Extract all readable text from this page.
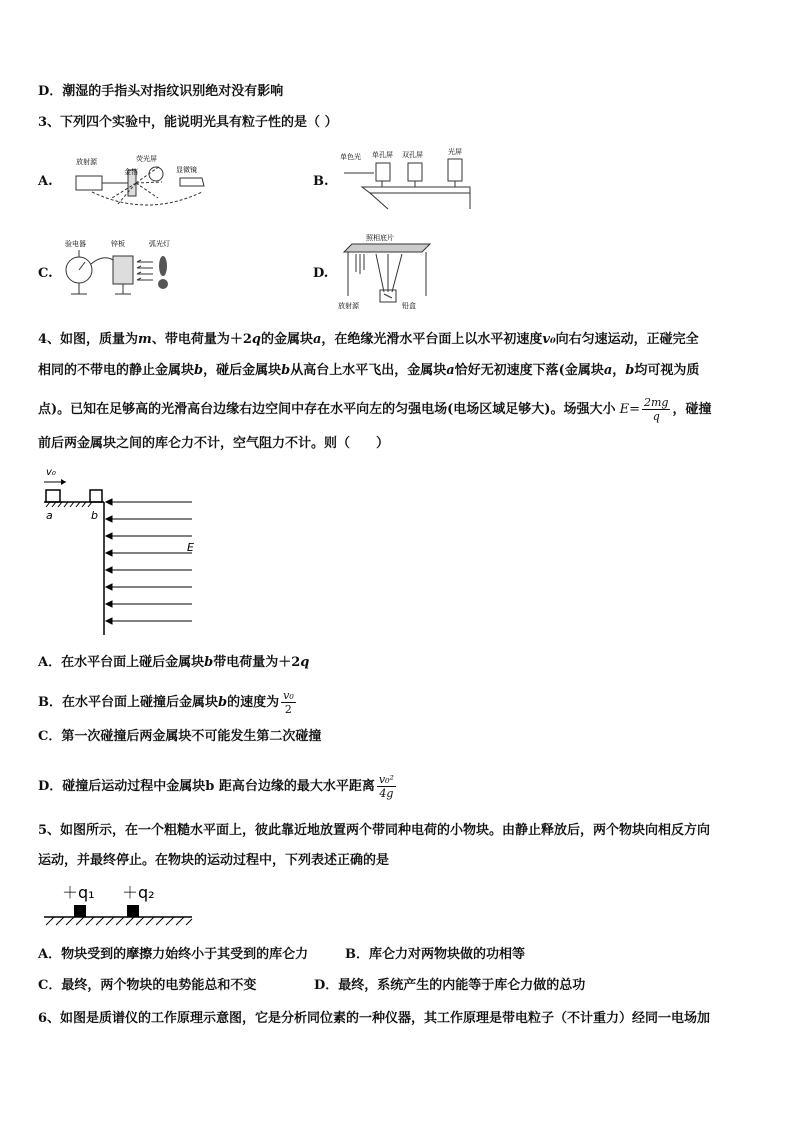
D．潮湿的手指头对指纹识别绝对没有影响
3、下列四个实验中，能说明光具有粒子性的是（ ）
A.
放射源	荧光屏
金箔	显微镜
B.
单色光 单孔屏 双孔屏	光屏
C.
验电器	锌板	弧光灯
D.
照相底片
放射源	铅盒
4、如图，质量为m、带电荷量为＋2q的金属块a，在绝缘光滑水平台面上以水平初速度v₀向右匀速运动，正碰完全
相同的不带电的静止金属块b，碰后金属块b从高台上水平飞出，金属块a恰好无初速度下落(金属块a，b均可视为质
点)。已知在足够高的光滑高台边缘右边空间中存在水平向左的匀强电场(电场区域足够大)。场强大小 $E= \frac{2mg}{q}$ ，碰撞
前后两金属块之间的库仑力不计，空气阻力不计。则（　　）
v₀
a	b
E
A．在水平台面上碰后金属块b带电荷量为＋2q
B．在水平台面上碰撞后金属块b的速度为 $\frac{\text{v₀}}{2}$
C．第一次碰撞后两金属块不可能发生第二次碰撞
D．碰撞后运动过程中金属块b 距高台边缘的最大水平距离 $\frac{\text{v₀²}}{4g}$
5、如图所示，在一个粗糙水平面上，彼此靠近地放置两个带同种电荷的小物块。由静止释放后，两个物块向相反方向
运动，并最终停止。在物块的运动过程中，下列表述正确的是
＋q₁ ＋q₂
A．物块受到的摩擦力始终小于其受到的库仑力	B．库仑力对两物块做的功相等
C．最终，两个物块的电势能总和不变	D．最终，系统产生的内能等于库仑力做的总功
6、如图是质谱仪的工作原理示意图，它是分析同位素的一种仪器，其工作原理是带电粒子（不计重力）经同一电场加
